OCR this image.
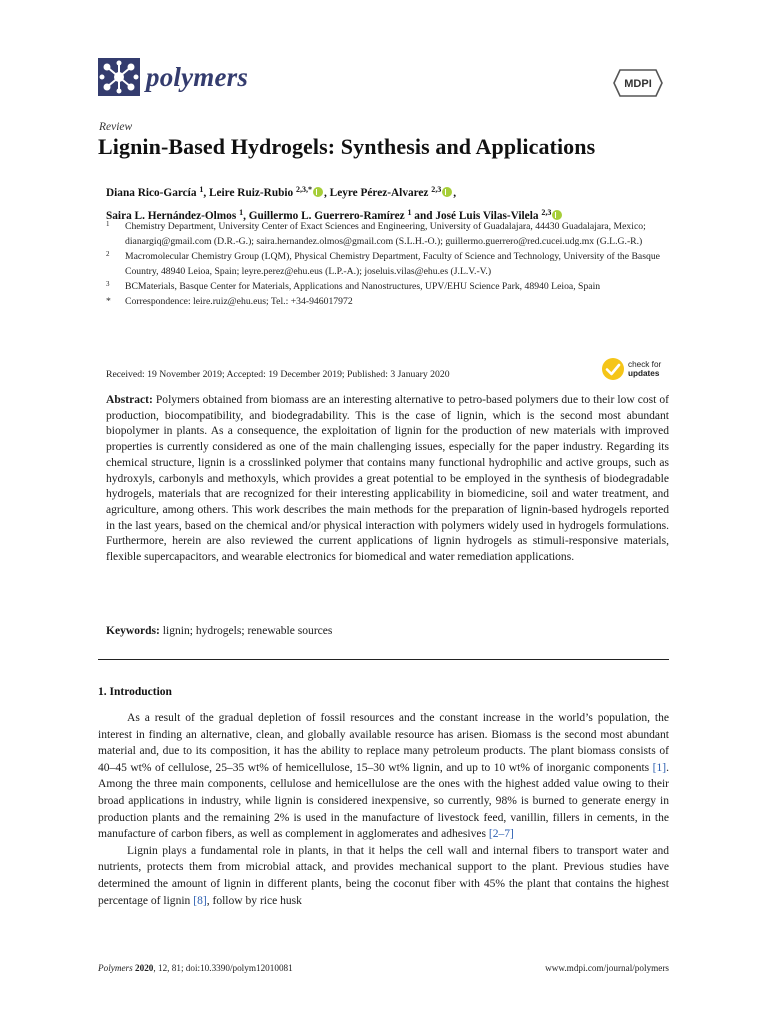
polymers	MDPI
Review
Lignin-Based Hydrogels: Synthesis and Applications
Diana Rico-García $^1$, Leire Ruiz-Rubio $^{2,3,*}$ , Leyre Pérez-Alvarez $^{2,3}$ ,
Saira L. Hernández-Olmos $^1$, Guillermo L. Guerrero-Ramírez $^1$ and José Luis Vilas-Vilela $^{2,3}$
1 Chemistry Department, University Center of Exact Sciences and Engineering, University of Guadalajara, 44430 Guadalajara, Mexico; dianargiq@gmail.com (D.R.-G.); saira.hernandez.olmos@gmail.com (S.L.H.-O.); guillermo.guerrero@red.cucei.udg.mx (G.L.G.-R.)
2 Macromolecular Chemistry Group (LQM), Physical Chemistry Department, Faculty of Science and Technology, University of the Basque Country, 48940 Leioa, Spain; leyre.perez@ehu.eus (L.P.-A.); joseluis.vilas@ehu.es (J.L.V.-V.)
3 BCMaterials, Basque Center for Materials, Applications and Nanostructures, UPV/EHU Science Park, 48940 Leioa, Spain
* Correspondence: leire.ruiz@ehu.eus; Tel.: +34-946017972
Received: 19 November 2019; Accepted: 19 December 2019; Published: 3 January 2020
check for
updates
Abstract: Polymers obtained from biomass are an interesting alternative to petro-based polymers due to their low cost of production, biocompatibility, and biodegradability. This is the case of lignin, which is the second most abundant biopolymer in plants. As a consequence, the exploitation of lignin for the production of new materials with improved properties is currently considered as one of the main challenging issues, especially for the paper industry. Regarding its chemical structure, lignin is a crosslinked polymer that contains many functional hydrophilic and active groups, such as hydroxyls, carbonyls and methoxyls, which provides a great potential to be employed in the synthesis of biodegradable hydrogels, materials that are recognized for their interesting applicability in biomedicine, soil and water treatment, and agriculture, among others. This work describes the main methods for the preparation of lignin-based hydrogels reported in the last years, based on the chemical and/or physical interaction with polymers widely used in hydrogels formulations. Furthermore, herein are also reviewed the current applications of lignin hydrogels as stimuli-responsive materials, flexible supercapacitors, and wearable electronics for biomedical and water remediation applications.
Keywords: lignin; hydrogels; renewable sources
1. Introduction

As a result of the gradual depletion of fossil resources and the constant increase in the world’s population, the interest in finding an alternative, clean, and globally available resource has arisen. Biomass is the second most abundant material and, due to its composition, it has the ability to replace many petroleum products. The plant biomass consists of 40–45 wt% of cellulose, 25–35 wt% of hemicellulose, 15–30 wt% lignin, and up to 10 wt% of inorganic components [1]. Among the three main components, cellulose and hemicellulose are the ones with the highest added value owing to their broad applications in industry, while lignin is considered inexpensive, so currently, 98% is burned to generate energy in production plants and the remaining 2% is used in the manufacture of livestock feed, vanillin, fillers in cements, in the manufacture of carbon fibers, as well as complement in agglomerates and adhesives [2–7]

Lignin plays a fundamental role in plants, in that it helps the cell wall and internal fibers to transport water and nutrients, protects them from microbial attack, and provides mechanical support to the plant. Previous studies have determined the amount of lignin in different plants, being the coconut fiber with 45% the plant that contains the highest percentage of lignin [8], follow by rice husk

Polymers 2020, 12, 81; doi:10.3390/polym12010081	www.mdpi.com/journal/polymers
